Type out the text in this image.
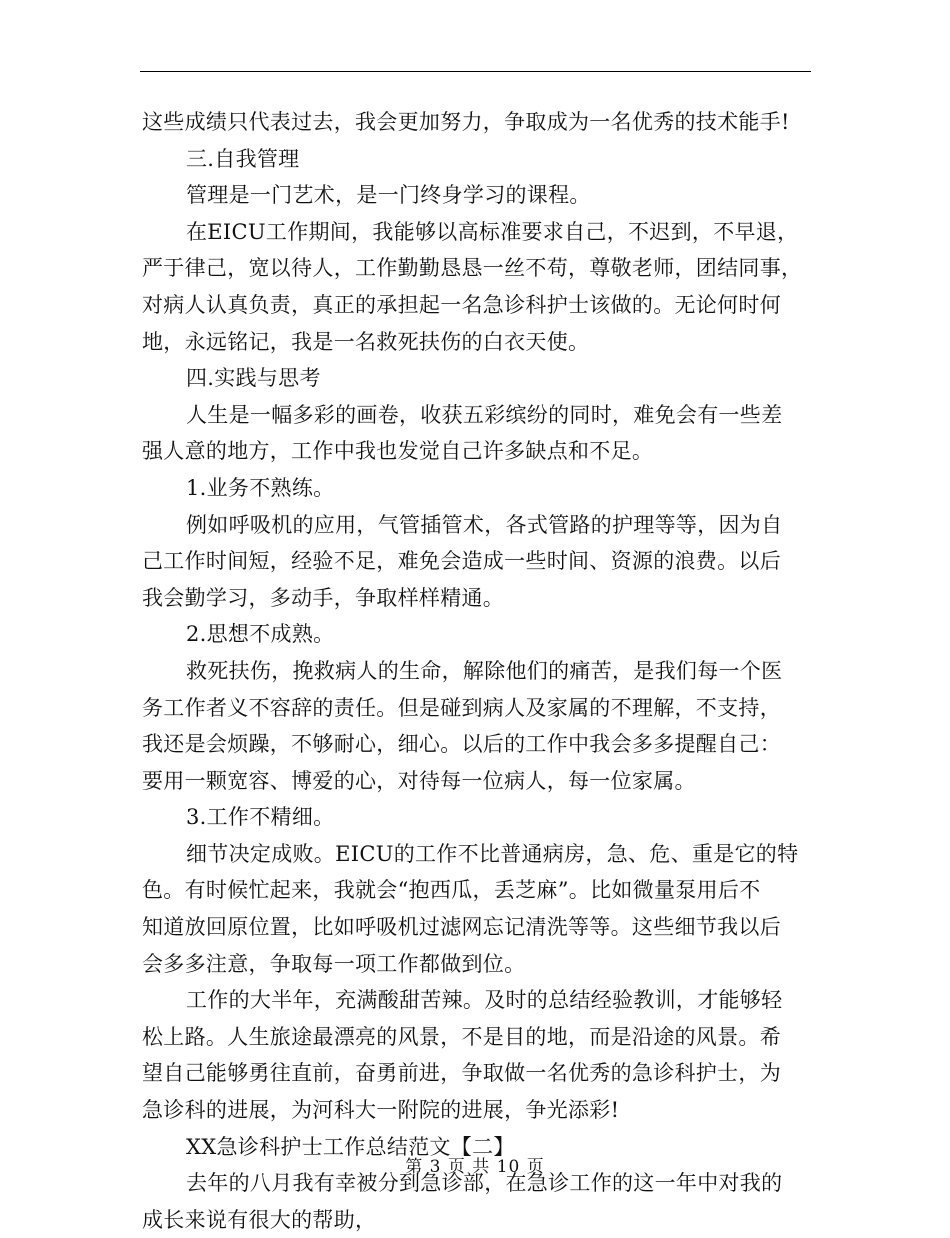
这些成绩只代表过去，我会更加努力，争取成为一名优秀的技术能手!
三.自我管理
管理是一门艺术，是一门终身学习的课程。
在EICU工作期间，我能够以高标准要求自己，不迟到，不早退，
严于律己，宽以待人，工作勤勤恳恳一丝不苟，尊敬老师，团结同事，
对病人认真负责，真正的承担起一名急诊科护士该做的。无论何时何
地，永远铭记，我是一名救死扶伤的白衣天使。
四.实践与思考
人生是一幅多彩的画卷，收获五彩缤纷的同时，难免会有一些差
强人意的地方，工作中我也发觉自己许多缺点和不足。
1.业务不熟练。
例如呼吸机的应用，气管插管术，各式管路的护理等等，因为自
己工作时间短，经验不足，难免会造成一些时间、资源的浪费。以后
我会勤学习，多动手，争取样样精通。
2.思想不成熟。
救死扶伤，挽救病人的生命，解除他们的痛苦，是我们每一个医
务工作者义不容辞的责任。但是碰到病人及家属的不理解，不支持，
我还是会烦躁，不够耐心，细心。以后的工作中我会多多提醒自己：
要用一颗宽容、博爱的心，对待每一位病人，每一位家属。
3.工作不精细。
细节决定成败。EICU的工作不比普通病房，急、危、重是它的特
色。有时候忙起来，我就会“抱西瓜，丢芝麻”。比如微量泵用后不
知道放回原位置，比如呼吸机过滤网忘记清洗等等。这些细节我以后
会多多注意，争取每一项工作都做到位。
工作的大半年，充满酸甜苦辣。及时的总结经验教训，才能够轻
松上路。人生旅途最漂亮的风景，不是目的地，而是沿途的风景。希
望自己能够勇往直前，奋勇前进，争取做一名优秀的急诊科护士，为
急诊科的进展，为河科大一附院的进展，争光添彩!
XX急诊科护士工作总结范文【二】
去年的八月我有幸被分到急诊部，在急诊工作的这一年中对我的
成长来说有很大的帮助，
第 3 页 共 10 页
